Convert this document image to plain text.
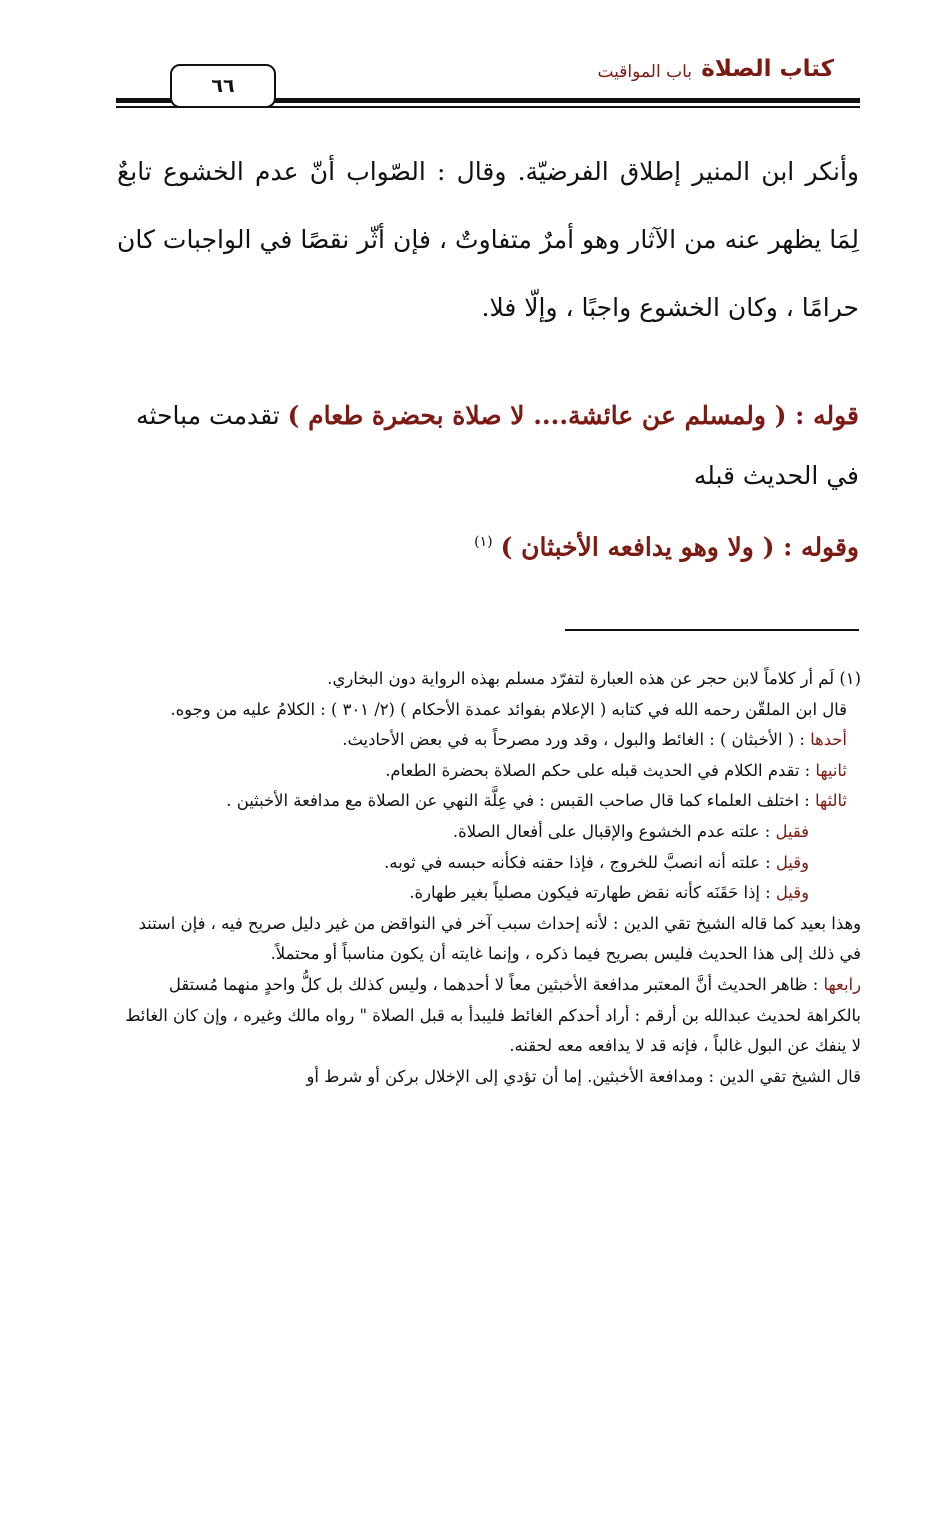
كتاب الصلاة
باب المواقيت
٦٦

وأنكر ابن المنير إطلاق الفرضيّة. وقال : الصّواب أنّ عدم الخشوع تابعٌ لِمَا يظهر عنه من الآثار وهو أمرٌ متفاوتٌ ، فإن أثّر نقصًا في الواجبات كان حرامًا ، وكان الخشوع واجبًا ، وإلّا فلا.

قوله : ( ولمسلم عن عائشة.... لا صلاة بحضرة طعام ) تقدمت مباحثه في الحديث قبله

وقوله : ( ولا وهو يدافعه الأخبثان ) $^{(١)}$

(١) لَم أر كلاماً لابن حجر عن هذه العبارة لتفرّد مسلم بهذه الرواية دون البخاري.

قال ابن الملقّن رحمه الله في كتابه ( الإعلام بفوائد عمدة الأحكام ) (٢/ ٣٠١ ) : الكلامُ عليه من وجوه.

أحدها : ( الأخبثان ) : الغائط والبول ، وقد ورد مصرحاً به في بعض الأحاديث.

ثانيها : تقدم الكلام في الحديث قبله على حكم الصلاة بحضرة الطعام.

ثالثها : اختلف العلماء كما قال صاحب القبس : في عِلَّة النهي عن الصلاة مع مدافعة الأخبثين .

فقيل : علته عدم الخشوع والإقبال على أفعال الصلاة.

وقيل : علته أنه انصبَّ للخروج ، فإذا حقنه فكأنه حبسه في ثوبه.

وقيل : إذا حَقَنَه كأنه نقض طهارته فيكون مصلياً بغير طهارة.

وهذا بعيد كما قاله الشيخ تقي الدين : لأنه إحداث سبب آخر في النواقض من غير دليل صريح فيه ، فإن استند في ذلك إلى هذا الحديث فليس بصريح فيما ذكره ، وإنما غايته أن يكون مناسباً أو محتملاً.

رابعها : ظاهر الحديث أنَّ المعتبر مدافعة الأخبثين معاً لا أحدهما ، وليس كذلك بل كلُّ واحدٍ منهما مُستقل بالكراهة لحديث عبدالله بن أرقم : أراد أحدكم الغائط فليبدأ به قبل الصلاة " رواه مالك وغيره ، وإن كان الغائط لا ينفك عن البول غالباً ، فإنه قد لا يدافعه معه لحقنه.

قال الشيخ تقي الدين : ومدافعة الأخبثين. إما أن تؤدي إلى الإخلال بركن أو شرط أو
